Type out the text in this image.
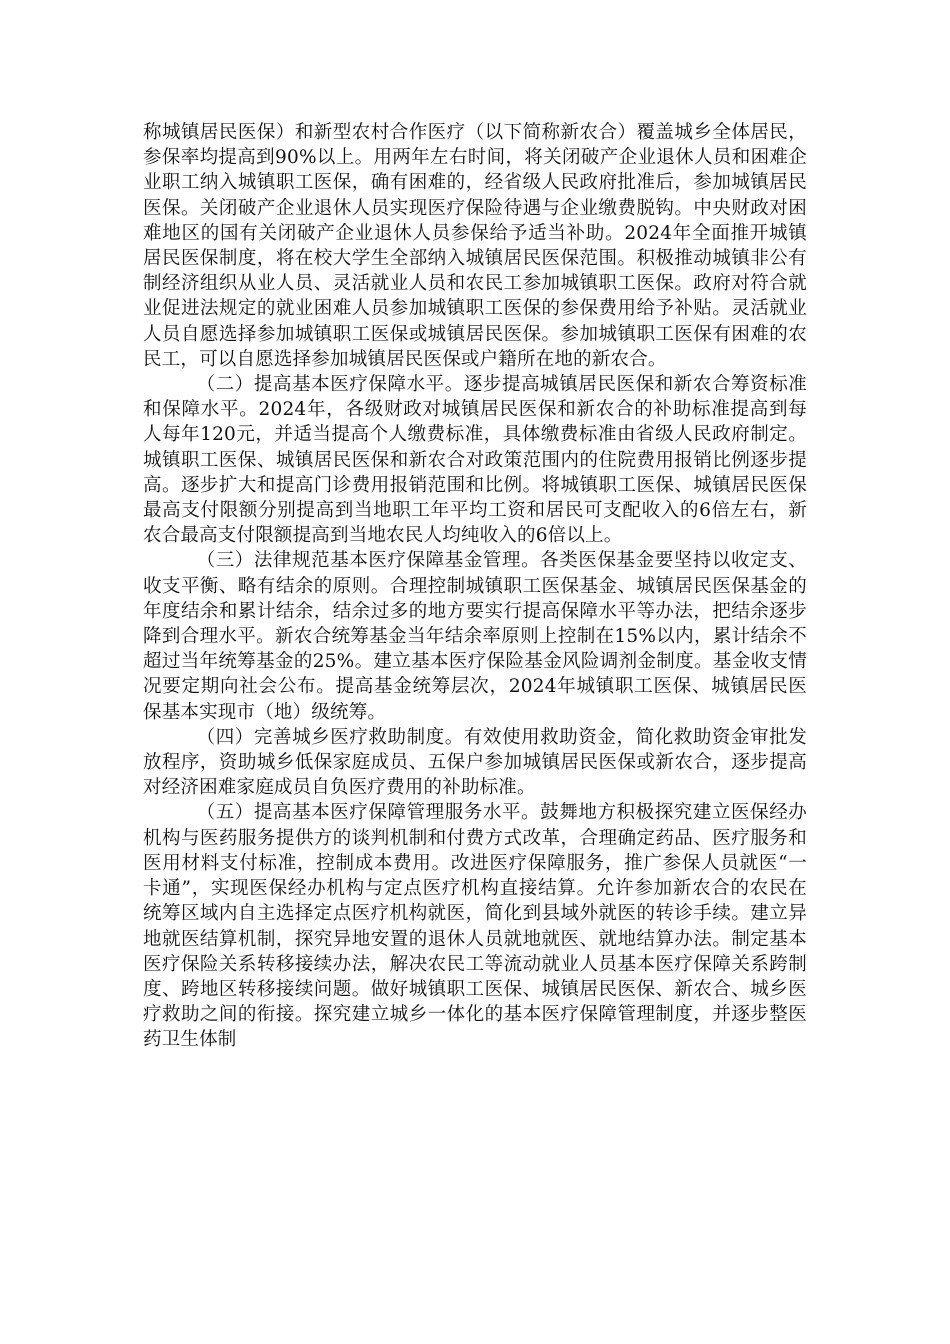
称城镇居民医保）和新型农村合作医疗（以下简称新农合）覆盖城乡全体居民，参保率均提高到90%以上。用两年左右时间，将关闭破产企业退休人员和困难企业职工纳入城镇职工医保，确有困难的，经省级人民政府批准后，参加城镇居民医保。关闭破产企业退休人员实现医疗保险待遇与企业缴费脱钩。中央财政对困难地区的国有关闭破产企业退休人员参保给予适当补助。2024年全面推开城镇居民医保制度，将在校大学生全部纳入城镇居民医保范围。积极推动城镇非公有制经济组织从业人员、灵活就业人员和农民工参加城镇职工医保。政府对符合就业促进法规定的就业困难人员参加城镇职工医保的参保费用给予补贴。灵活就业人员自愿选择参加城镇职工医保或城镇居民医保。参加城镇职工医保有困难的农民工，可以自愿选择参加城镇居民医保或户籍所在地的新农合。

（二）提高基本医疗保障水平。逐步提高城镇居民医保和新农合筹资标准和保障水平。2024年，各级财政对城镇居民医保和新农合的补助标准提高到每人每年120元，并适当提高个人缴费标准，具体缴费标准由省级人民政府制定。城镇职工医保、城镇居民医保和新农合对政策范围内的住院费用报销比例逐步提高。逐步扩大和提高门诊费用报销范围和比例。将城镇职工医保、城镇居民医保最高支付限额分别提高到当地职工年平均工资和居民可支配收入的6倍左右，新农合最高支付限额提高到当地农民人均纯收入的6倍以上。

（三）法律规范基本医疗保障基金管理。各类医保基金要坚持以收定支、收支平衡、略有结余的原则。合理控制城镇职工医保基金、城镇居民医保基金的年度结余和累计结余，结余过多的地方要实行提高保障水平等办法，把结余逐步降到合理水平。新农合统筹基金当年结余率原则上控制在15%以内，累计结余不超过当年统筹基金的25%。建立基本医疗保险基金风险调剂金制度。基金收支情况要定期向社会公布。提高基金统筹层次，2024年城镇职工医保、城镇居民医保基本实现市（地）级统筹。

（四）完善城乡医疗救助制度。有效使用救助资金，简化救助资金审批发放程序，资助城乡低保家庭成员、五保户参加城镇居民医保或新农合，逐步提高对经济困难家庭成员自负医疗费用的补助标准。

（五）提高基本医疗保障管理服务水平。鼓舞地方积极探究建立医保经办机构与医药服务提供方的谈判机制和付费方式改革，合理确定药品、医疗服务和医用材料支付标准，控制成本费用。改进医疗保障服务，推广参保人员就医“一卡通”，实现医保经办机构与定点医疗机构直接结算。允许参加新农合的农民在统筹区域内自主选择定点医疗机构就医，简化到县域外就医的转诊手续。建立异地就医结算机制，探究异地安置的退休人员就地就医、就地结算办法。制定基本医疗保险关系转移接续办法，解决农民工等流动就业人员基本医疗保障关系跨制度、跨地区转移接续问题。做好城镇职工医保、城镇居民医保、新农合、城乡医疗救助之间的衔接。探究建立城乡一体化的基本医疗保障管理制度，并逐步整医药卫生体制
